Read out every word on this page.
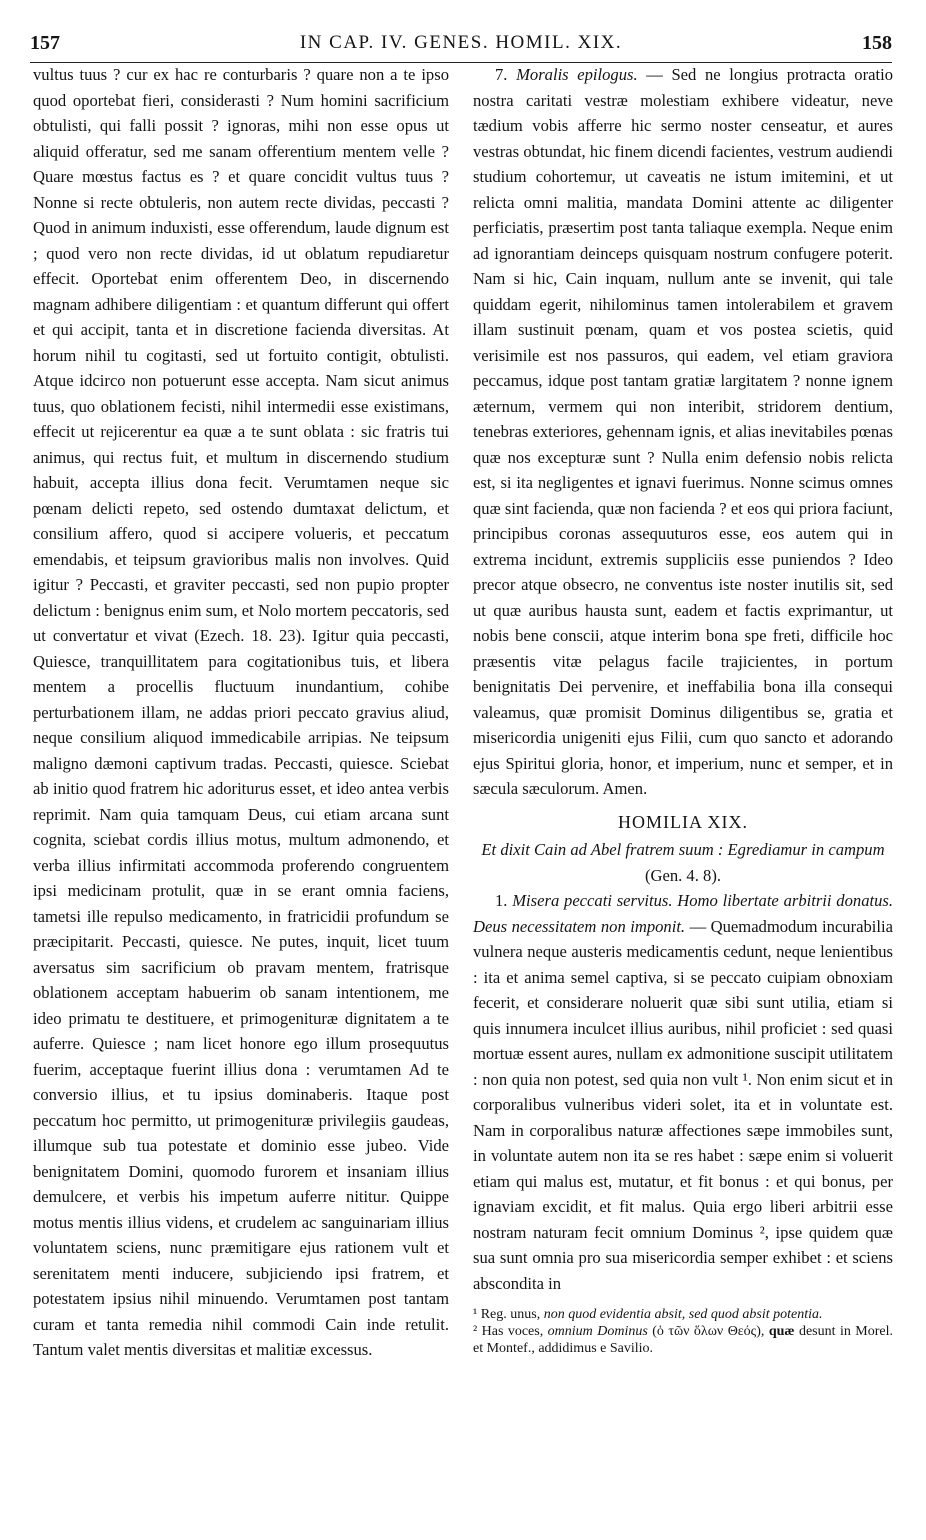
157	IN CAP. IV. GENES. HOMIL. XIX.	158

vultus tuus ? cur ex hac re conturbaris ? quare non a te ipso quod oportebat fieri, considerasti ? Num homini sacrificium obtulisti, qui falli possit ? ignoras, mihi non esse opus ut aliquid offeratur, sed me sanam offerentium mentem velle ? Quare mœstus factus es ? et quare concidit vultus tuus ? Nonne si recte obtuleris, non autem recte dividas, peccasti ? Quod in animum induxisti, esse offerendum, laude dignum est ; quod vero non recte dividas, id ut oblatum repudiaretur effecit. Oportebat enim offerentem Deo, in discernendo magnam adhibere diligentiam : et quantum differunt qui offert et qui accipit, tanta et in discretione facienda diversitas. At horum nihil tu cogitasti, sed ut fortuito contigit, obtulisti. Atque idcirco non potuerunt esse accepta. Nam sicut animus tuus, quo oblationem fecisti, nihil intermedii esse existimans, effecit ut rejicerentur ea quæ a te sunt oblata : sic fratris tui animus, qui rectus fuit, et multum in discernendo studium habuit, accepta illius dona fecit. Verumtamen neque sic pœnam delicti repeto, sed ostendo dumtaxat delictum, et consilium affero, quod si accipere volueris, et peccatum emendabis, et teipsum gravioribus malis non involves. Quid igitur ? Peccasti, et graviter peccasti, sed non pupio propter delictum : benignus enim sum, et Nolo mortem peccatoris, sed ut convertatur et vivat (Ezech. 18. 23). Igitur quia peccasti, Quiesce, tranquillitatem para cogitationibus tuis, et libera mentem a procellis fluctuum inundantium, cohibe perturbationem illam, ne addas priori peccato gravius aliud, neque consilium aliquod immedicabile arripias. Ne teipsum maligno dæmoni captivum tradas. Peccasti, quiesce. Sciebat ab initio quod fratrem hic adoriturus esset, et ideo antea verbis reprimit. Nam quia tamquam Deus, cui etiam arcana sunt cognita, sciebat cordis illius motus, multum admonendo, et verba illius infirmitati accommoda proferendo congruentem ipsi medicinam protulit, quæ in se erant omnia faciens, tametsi ille repulso medicamento, in fratricidii profundum se præcipitarit. Peccasti, quiesce. Ne putes, inquit, licet tuum aversatus sim sacrificium ob pravam mentem, fratrisque oblationem acceptam habuerim ob sanam intentionem, me ideo primatu te destituere, et primogenituræ dignitatem a te auferre. Quiesce ; nam licet honore ego illum prosequutus fuerim, acceptaque fuerint illius dona : verumtamen Ad te conversio illius, et tu ipsius dominaberis. Itaque post peccatum hoc permitto, ut primogenituræ privilegiis gaudeas, illumque sub tua potestate et dominio esse jubeo. Vide benignitatem Domini, quomodo furorem et insaniam illius demulcere, et verbis his impetum auferre nititur. Quippe motus mentis illius videns, et crudelem ac sanguinariam illius voluntatem sciens, nunc præmitigare ejus rationem vult et serenitatem menti inducere, subjiciendo ipsi fratrem, et potestatem ipsius nihil minuendo. Verumtamen post tantam curam et tanta remedia nihil commodi Cain inde retulit. Tantum valet mentis diversitas et malitiæ excessus.

7. Moralis epilogus. — Sed ne longius protracta oratio nostra caritati vestræ molestiam exhibere videatur, neve tædium vobis afferre hic sermo noster censeatur, et aures vestras obtundat, hic finem dicendi facientes, vestrum audiendi studium cohortemur, ut caveatis ne istum imitemini, et ut relicta omni malitia, mandata Domini attente ac diligenter perficiatis, præsertim post tanta taliaque exempla. Neque enim ad ignorantiam deinceps quisquam nostrum confugere poterit. Nam si hic, Cain inquam, nullum ante se invenit, qui tale quiddam egerit, nihilominus tamen intolerabilem et gravem illam sustinuit pœnam, quam et vos postea scietis, quid verisimile est nos passuros, qui eadem, vel etiam graviora peccamus, idque post tantam gratiæ largitatem ? nonne ignem æternum, vermem qui non interibit, stridorem dentium, tenebras exteriores, gehennam ignis, et alias inevitabiles pœnas quæ nos excepturæ sunt ? Nulla enim defensio nobis relicta est, si ita negligentes et ignavi fuerimus. Nonne scimus omnes quæ sint facienda, quæ non facienda ? et eos qui priora faciunt, principibus coronas assequuturos esse, eos autem qui in extrema incidunt, extremis suppliciis esse puniendos ? Ideo precor atque obsecro, ne conventus iste noster inutilis sit, sed ut quæ auribus hausta sunt, eadem et factis exprimantur, ut nobis bene conscii, atque interim bona spe freti, difficile hoc præsentis vitæ pelagus facile trajicientes, in portum benignitatis Dei pervenire, et ineffabilia bona illa consequi valeamus, quæ promisit Dominus diligentibus se, gratia et misericordia unigeniti ejus Filii, cum quo sancto et adorando ejus Spiritui gloria, honor, et imperium, nunc et semper, et in sæcula sæculorum. Amen.

HOMILIA XIX.

Et dixit Cain ad Abel fratrem suum : Egrediamur in campum (Gen. 4. 8).

1. Misera peccati servitus. Homo libertate arbitrii donatus. Deus necessitatem non imponit. — Quemadmodum incurabilia vulnera neque austeris medicamentis cedunt, neque lenientibus : ita et anima semel captiva, si se peccato cuipiam obnoxiam fecerit, et considerare noluerit quæ sibi sunt utilia, etiam si quis innumera inculcet illius auribus, nihil proficiet : sed quasi mortuæ essent aures, nullam ex admonitione suscipit utilitatem : non quia non potest, sed quia non vult ¹. Non enim sicut et in corporalibus vulneribus videri solet, ita et in voluntate est. Nam in corporalibus naturæ affectiones sæpe immobiles sunt, in voluntate autem non ita se res habet : sæpe enim si voluerit etiam qui malus est, mutatur, et fit bonus : et qui bonus, per ignaviam excidit, et fit malus. Quia ergo liberi arbitrii esse nostram naturam fecit omnium Dominus ², ipse quidem quæ sua sunt omnia pro sua misericordia semper exhibet : et sciens abscondita in

¹ Reg. unus, non quod evidentia absit, sed quod absit potentia.

² Has voces, omnium Dominus (ὁ τῶν ὅλων Θεός), quæ desunt in Morel. et Montef., addidimus e Savilio.
